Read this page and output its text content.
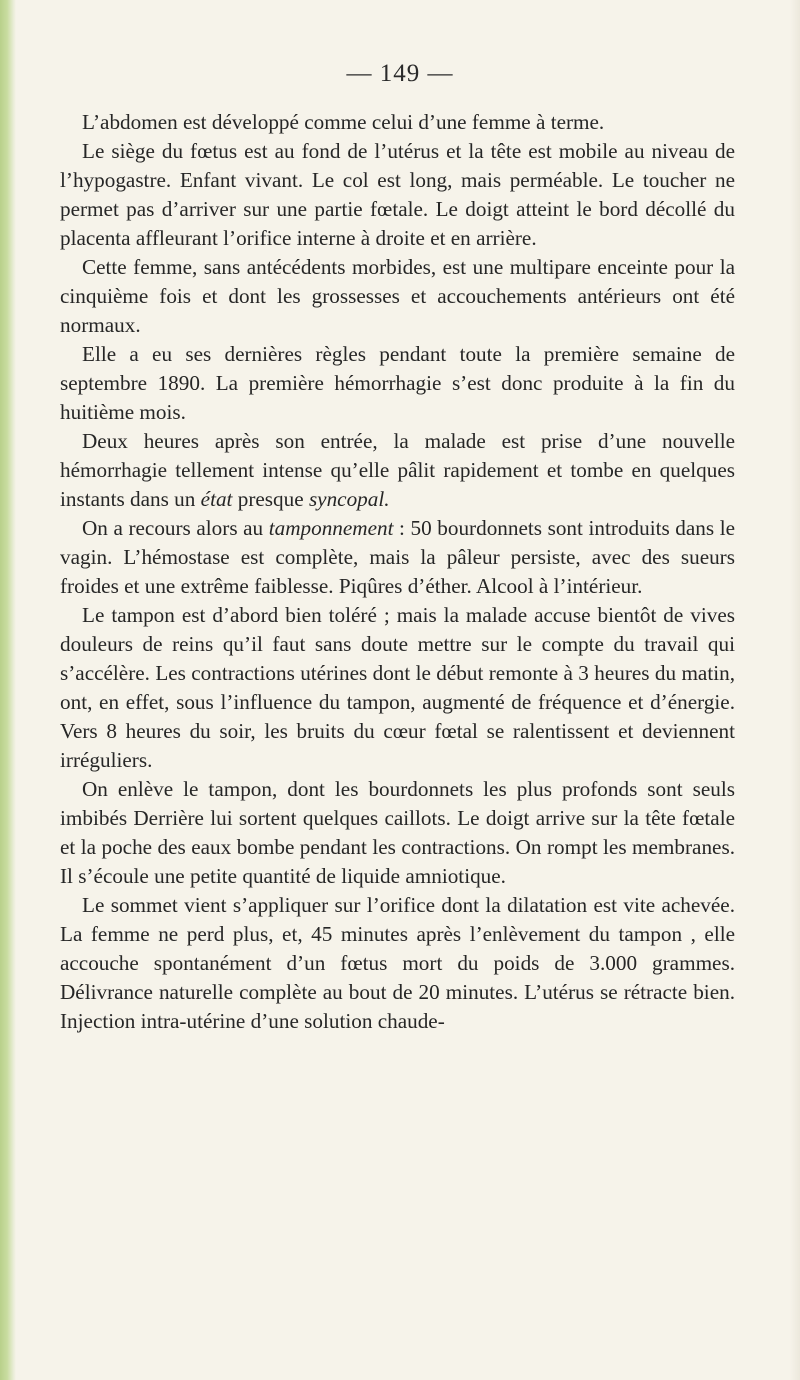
— 149 —

L’abdomen est développé comme celui d’une femme à terme.

Le siège du fœtus est au fond de l’utérus et la tête est mobile au niveau de l’hypogastre. Enfant vivant. Le col est long, mais perméable. Le toucher ne permet pas d’arriver sur une partie fœtale. Le doigt atteint le bord décollé du placenta affleurant l’orifice interne à droite et en arrière.

Cette femme, sans antécédents morbides, est une multipare enceinte pour la cinquième fois et dont les grossesses et accouchements antérieurs ont été normaux.

Elle a eu ses dernières règles pendant toute la première semaine de septembre 1890. La première hémorrhagie s’est donc produite à la fin du huitième mois.

Deux heures après son entrée, la malade est prise d’une nouvelle hémorrhagie tellement intense qu’elle pâlit rapidement et tombe en quelques instants dans un état presque syncopal.

On a recours alors au tamponnement : 50 bourdonnets sont introduits dans le vagin. L’hémostase est complète, mais la pâleur persiste, avec des sueurs froides et une extrême faiblesse. Piqûres d’éther. Alcool à l’intérieur.

Le tampon est d’abord bien toléré ; mais la malade accuse bientôt de vives douleurs de reins qu’il faut sans doute mettre sur le compte du travail qui s’accélère. Les contractions utérines dont le début remonte à 3 heures du matin, ont, en effet, sous l’influence du tampon, augmenté de fréquence et d’énergie. Vers 8 heures du soir, les bruits du cœur fœtal se ralentissent et deviennent irréguliers.

On enlève le tampon, dont les bourdonnets les plus profonds sont seuls imbibés Derrière lui sortent quelques caillots. Le doigt arrive sur la tête fœtale et la poche des eaux bombe pendant les contractions. On rompt les membranes. Il s’écoule une petite quantité de liquide amniotique.

Le sommet vient s’appliquer sur l’orifice dont la dilatation est vite achevée. La femme ne perd plus, et, 45 minutes après l’enlèvement du tampon , elle accouche spontanément d’un fœtus mort du poids de 3.000 grammes. Délivrance naturelle complète au bout de 20 minutes. L’utérus se rétracte bien. Injection intra-utérine d’une solution chaude-
